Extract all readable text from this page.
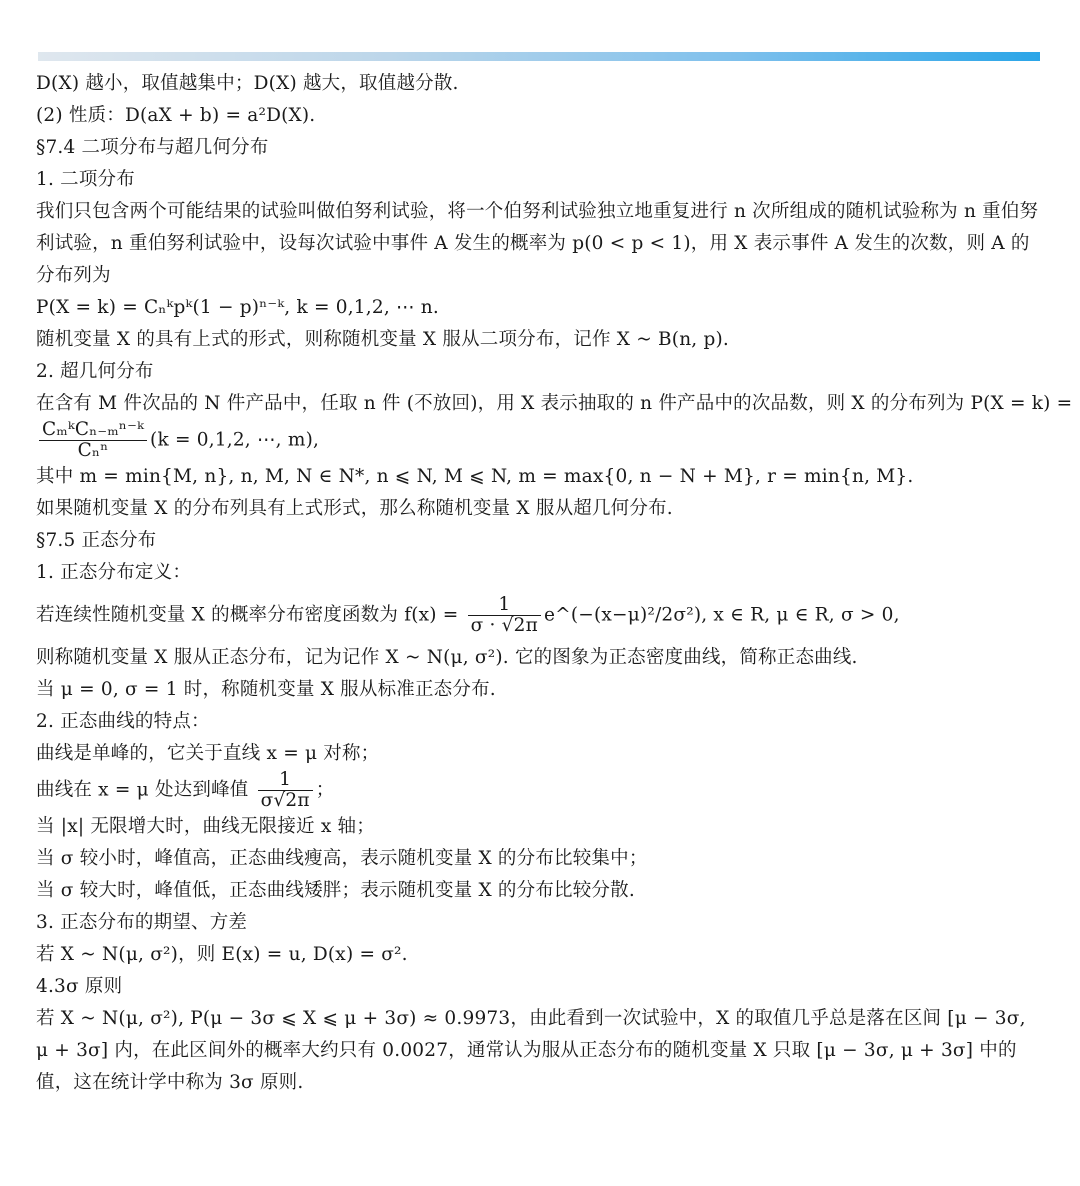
D(X) 越小，取值越集中；D(X) 越大，取值越分散.
(2) 性质：D(aX + b) = a²D(X).
§7.4 二项分布与超几何分布
1. 二项分布
我们只包含两个可能结果的试验叫做伯努利试验，将一个伯努利试验独立地重复进行 n 次所组成的随机试验称为 n 重伯努利试验，n 重伯努利试验中，设每次试验中事件 A 发生的概率为 p(0 < p < 1)，用 X 表示事件 A 发生的次数，则 A 的分布列为
P(X = k) = Cₙᵏpᵏ(1 − p)ⁿ⁻ᵏ, k = 0,1,2, ⋯ n.
随机变量 X 的具有上式的形式，则称随机变量 X 服从二项分布，记作 X ~ B(n, p).
2. 超几何分布
在含有 M 件次品的 N 件产品中，任取 n 件 (不放回)，用 X 表示抽取的 n 件产品中的次品数，则 X 的分布列为 P(X = k) =
$\frac{\text{CₘᵏCₙ₋ₘⁿ⁻ᵏ}}{\text{Cₙⁿ}} (k = 0,1,2$, ⋯, m),
其中 m = min{M, n}, n, M, N ∈ N*, n ⩽ N, M ⩽ N, m = max{0, n − N + M}, r = min{n, M}.
如果随机变量 X 的分布列具有上式形式，那么称随机变量 X 服从超几何分布.
§7.5 正态分布
1. 正态分布定义：
若连续性随机变量 X 的概率分布密度函数为 $f(x) = \frac{1}{\sigma \cdot √2\pi}$ e^(−(x−μ)²/2σ²), x ∈ R, μ ∈ R, σ > 0,
则称随机变量 X 服从正态分布，记为记作 X ~ N(μ, σ²). 它的图象为正态密度曲线，简称正态曲线.
当 μ = 0, σ = 1 时，称随机变量 X 服从标准正态分布.
2. 正态曲线的特点：
曲线是单峰的，它关于直线 x = μ 对称；
曲线在 x = μ 处达到峰值 $\frac{1}{\sigma√2\pi}$ ；
当 |x| 无限增大时，曲线无限接近 x 轴；
当 σ 较小时，峰值高，正态曲线瘦高，表示随机变量 X 的分布比较集中；
当 σ 较大时，峰值低，正态曲线矮胖；表示随机变量 X 的分布比较分散.
3. 正态分布的期望、方差
若 X ~ N(μ, σ²)，则 E(x) = u, D(x) = σ².
4.3σ 原则
若 X ~ N(μ, σ²), P(μ − 3σ ⩽ X ⩽ μ + 3σ) ≈ 0.9973，由此看到一次试验中，X 的取值几乎总是落在区间 [μ − 3σ, μ + 3σ] 内，在此区间外的概率大约只有 0.0027，通常认为服从正态分布的随机变量 X 只取 [μ − 3σ, μ + 3σ] 中的值，这在统计学中称为 3σ 原则.
